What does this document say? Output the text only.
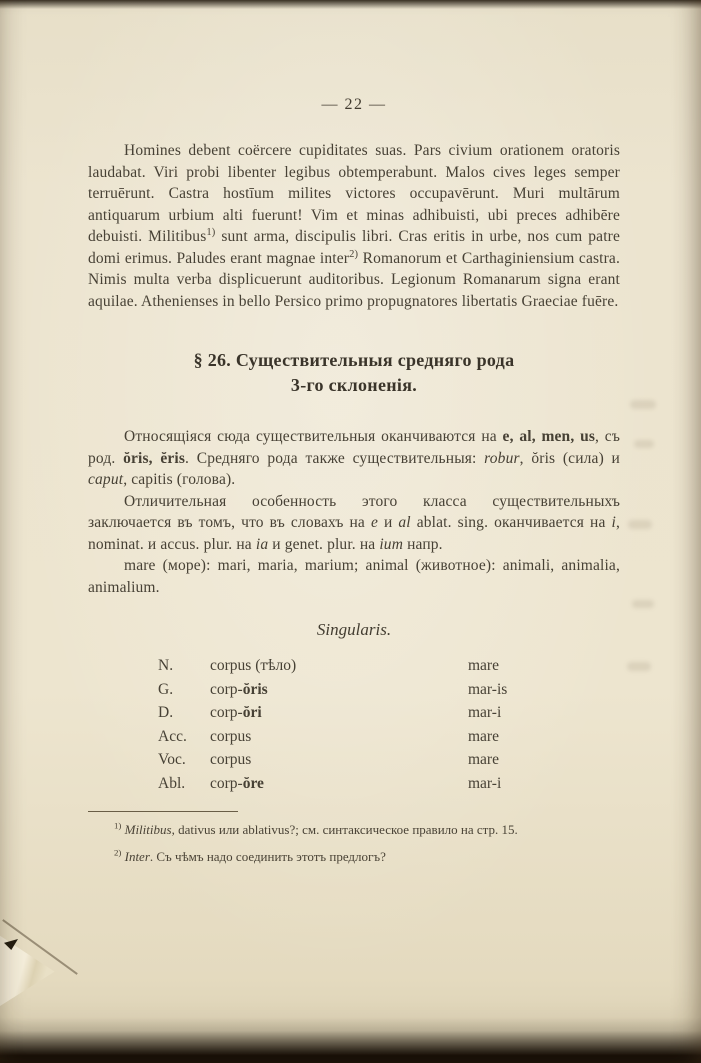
— 22 —

Homines debent coërcere cupiditates suas. Pars civium orationem oratoris laudabat. Viri probi libenter legibus obtemperabunt. Malos cives leges semper terruērunt. Castra hostīum milites victores occupavērunt. Muri multārum antiquarum urbium alti fuerunt! Vim et minas adhibuisti, ubi preces adhibēre debuisti. Militibus$^{1)}$ sunt arma, discipulis libri. Cras eritis in urbe, nos cum patre domi erimus. Paludes erant magnae inter$^{2)}$ Romanorum et Carthaginiensium castra. Nimis multa verba displicuerunt auditoribus. Legionum Romanarum signa erant aquilae. Athenienses in bello Persico primo propugnatores libertatis Graeciae fuēre.

§ 26. Существительныя средняго рода
3-го склоненія.

Относящіяся сюда существительныя оканчиваются на e, al, men, us, съ род. ŏris, ĕris. Средняго рода также существительныя: robur, ŏris (сила) и caput, capitis (голова).

Отличительная особенность этого класса существительныхъ заключается въ томъ, что въ словахъ на e и al ablat. sing. оканчивается на i, nominat. и accus. plur. на ia и genet. plur. на ium напр.

mare (море): mari, maria, marium; animal (животное): animali, animalia, animalium.

Singularis.
N.	corpus (тѣло)	mare
G.	corp-ŏris	mar-is
D.	corp-ŏri	mar-i
Acc.	corpus	mare
Voc.	corpus	mare
Abl.	corp-ŏre	mar-i

$^{1)}$ Militibus, dativus или ablativus?; см. синтаксическое правило на стр. 15.

$^{2)}$ Inter. Съ чѣмъ надо соединить этотъ предлогъ?
